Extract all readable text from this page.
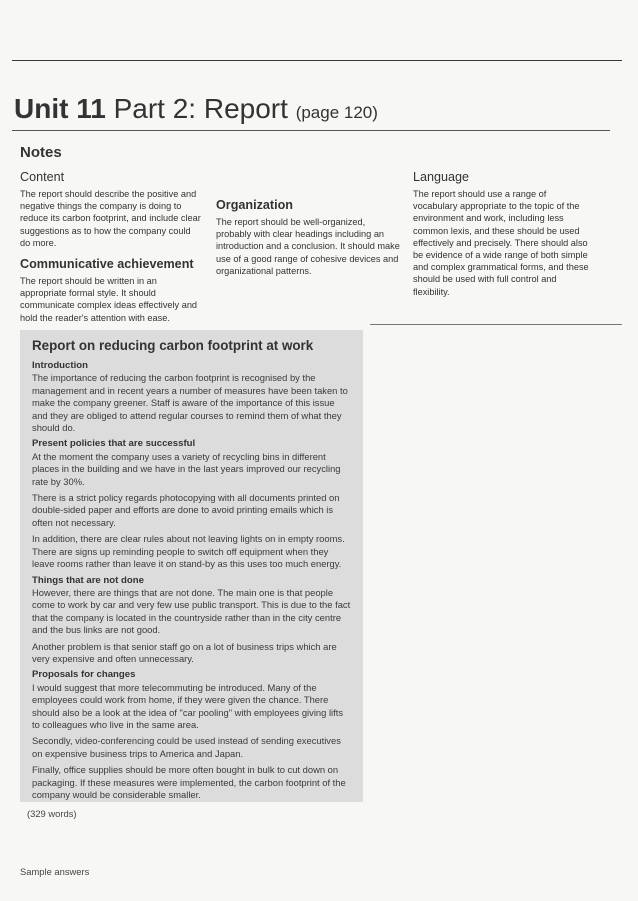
Unit 11 Part 2: Report (page 120)
Notes
Content
The report should describe the positive and negative things the company is doing to reduce its carbon footprint, and include clear suggestions as to how the company could do more.
Communicative achievement
The report should be written in an appropriate formal style. It should communicate complex ideas effectively and hold the reader's attention with ease.
Organization
The report should be well-organized, probably with clear headings including an introduction and a conclusion. It should make use of a good range of cohesive devices and organizational patterns.
Language
The report should use a range of vocabulary appropriate to the topic of the environment and work, including less common lexis, and these should be used effectively and precisely. There should also be evidence of a wide range of both simple and complex grammatical forms, and these should be used with full control and flexibility.
Report on reducing carbon footprint at work
Introduction

The importance of reducing the carbon footprint is recognised by the management and in recent years a number of measures have been taken to make the company greener. Staff is aware of the importance of this issue and they are obliged to attend regular courses to remind them of what they should do.

Present policies that are successful

At the moment the company uses a variety of recycling bins in different places in the building and we have in the last years improved our recycling rate by 30%.

There is a strict policy regards photocopying with all documents printed on double-sided paper and efforts are done to avoid printing emails which is often not necessary.

In addition, there are clear rules about not leaving lights on in empty rooms. There are signs up reminding people to switch off equipment when they leave rooms rather than leave it on stand-by as this uses too much energy.

Things that are not done

However, there are things that are not done. The main one is that people come to work by car and very few use public transport. This is due to the fact that the company is located in the countryside rather than in the city centre and the bus links are not good.

Another problem is that senior staff go on a lot of business trips which are very expensive and often unnecessary.

Proposals for changes

I would suggest that more telecommuting be introduced. Many of the employees could work from home, if they were given the chance. There should also be a look at the idea of "car pooling" with employees giving lifts to colleagues who live in the same area.

Secondly, video-conferencing could be used instead of sending executives on expensive business trips to America and Japan.

Finally, office supplies should be more often bought in bulk to cut down on packaging. If these measures were implemented, the carbon footprint of the company would be considerable smaller.

(329 words)
Sample answers
